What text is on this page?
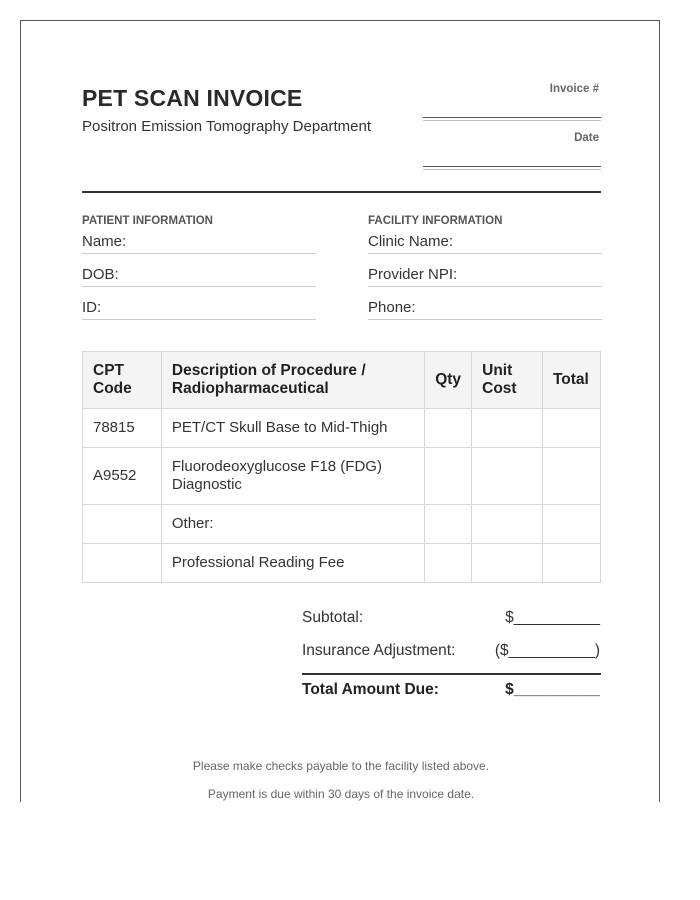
PET SCAN INVOICE
Positron Emission Tomography Department
Invoice #
Date
PATIENT INFORMATION
Name:
DOB:
ID:
FACILITY INFORMATION
Clinic Name:
Provider NPI:
Phone:
CPT Code	Description of Procedure / Radiopharmaceutical	Qty	Unit Cost	Total
78815	PET/CT Skull Base to Mid-Thigh			
A9552	Fluorodeoxyglucose F18 (FDG) Diagnostic			
	Other:			
	Professional Reading Fee			
Subtotal:	$__________
Insurance Adjustment:	($__________)
Total Amount Due:	$__________
Please make checks payable to the facility listed above.
Payment is due within 30 days of the invoice date.
